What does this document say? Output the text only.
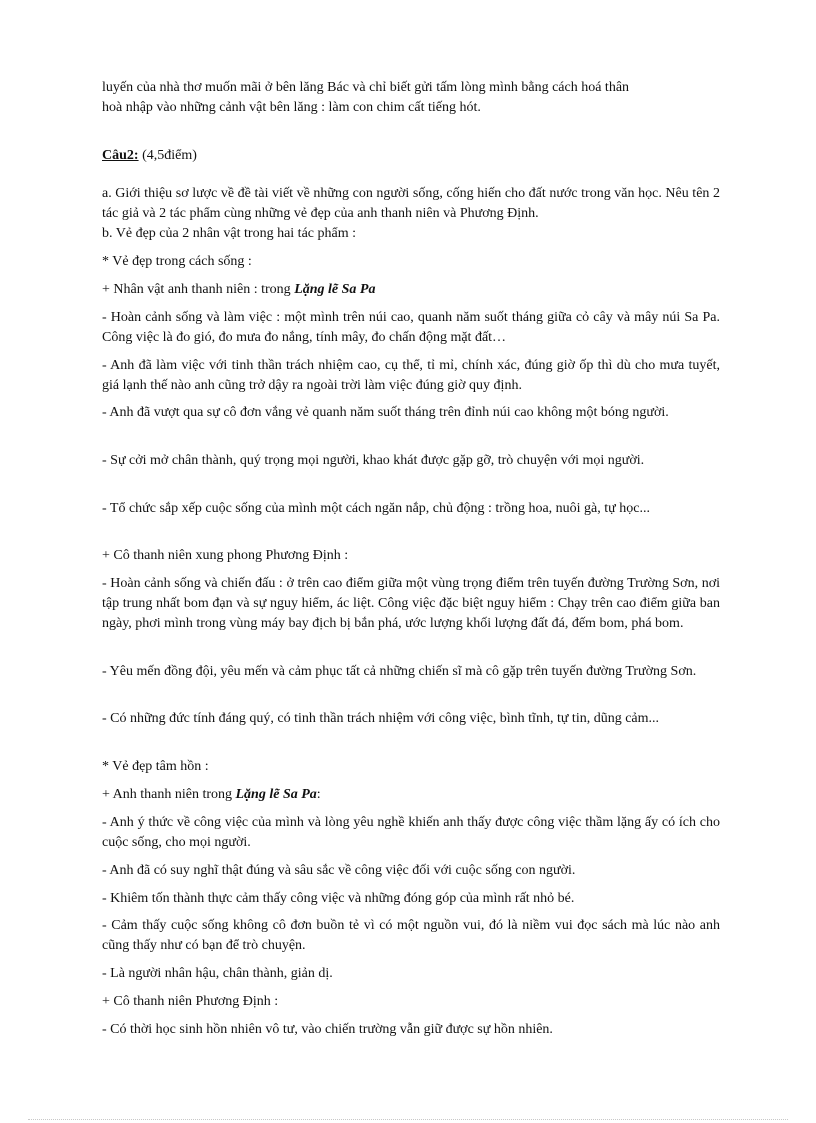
luyến của nhà thơ muốn mãi ở bên lăng Bác và chỉ biết gửi tấm lòng mình bằng cách hoá thân

hoà nhập vào những cảnh vật bên lăng : làm con chim cất tiếng hót.

Câu2: (4,5điểm)

a. Giới thiệu sơ lược về đề tài viết về những con người sống, cống hiến cho đất nước trong văn học. Nêu tên 2 tác giả và 2 tác phẩm cùng những vẻ đẹp của anh thanh niên và Phương Định.

b. Vẻ đẹp của 2 nhân vật trong hai tác phẩm :

* Vẻ đẹp trong cách sống :

+ Nhân vật anh thanh niên : trong Lặng lẽ Sa Pa

- Hoàn cảnh sống và làm việc : một mình trên núi cao, quanh năm suốt tháng giữa cỏ cây và mây núi Sa Pa. Công việc là đo gió, đo mưa đo nắng, tính mây, đo chấn động mặt đất…

- Anh đã làm việc với tinh thần trách nhiệm cao, cụ thể, tỉ mỉ, chính xác, đúng giờ ốp thì dù cho mưa tuyết, giá lạnh thế nào anh cũng trở dậy ra ngoài trời làm việc đúng giờ quy định.

- Anh đã vượt qua sự cô đơn vắng vẻ quanh năm suốt tháng trên đỉnh núi cao không một bóng người.

- Sự cởi mở chân thành, quý trọng mọi người, khao khát được gặp gỡ, trò chuyện với mọi người.

- Tổ chức sắp xếp cuộc sống của mình một cách ngăn nắp, chủ động : trồng hoa, nuôi gà, tự học...

+ Cô thanh niên xung phong Phương Định :

- Hoàn cảnh sống và chiến đấu : ở trên cao điểm giữa một vùng trọng điểm trên tuyến đường Trường Sơn, nơi tập trung nhất bom đạn và sự nguy hiểm, ác liệt. Công việc đặc biệt nguy hiểm : Chạy trên cao điểm giữa ban ngày, phơi mình trong vùng máy bay địch bị bắn phá, ước lượng khối lượng đất đá, đếm bom, phá bom.

- Yêu mến đồng đội, yêu mến và cảm phục tất cả những chiến sĩ mà cô gặp trên tuyến đường Trường Sơn.

- Có những đức tính đáng quý, có tinh thần trách nhiệm với công việc, bình tĩnh, tự tin, dũng cảm...

* Vẻ đẹp tâm hồn :

+ Anh thanh niên trong Lặng lẽ Sa Pa:

- Anh ý thức về công việc của mình và lòng yêu nghề khiến anh thấy được công việc thầm lặng ấy có ích cho cuộc sống, cho mọi người.

- Anh đã có suy nghĩ thật đúng và sâu sắc về công việc đối với cuộc sống con người.

- Khiêm tốn thành thực cảm thấy công việc và những đóng góp của mình rất nhỏ bé.

- Cảm thấy cuộc sống không cô đơn buồn tẻ vì có một nguồn vui, đó là niềm vui đọc sách mà lúc nào anh cũng thấy như có bạn để trò chuyện.

- Là người nhân hậu, chân thành, giản dị.

+ Cô thanh niên Phương Định :

- Có thời học sinh hồn nhiên vô tư, vào chiến trường vẫn giữ được sự hồn nhiên.
